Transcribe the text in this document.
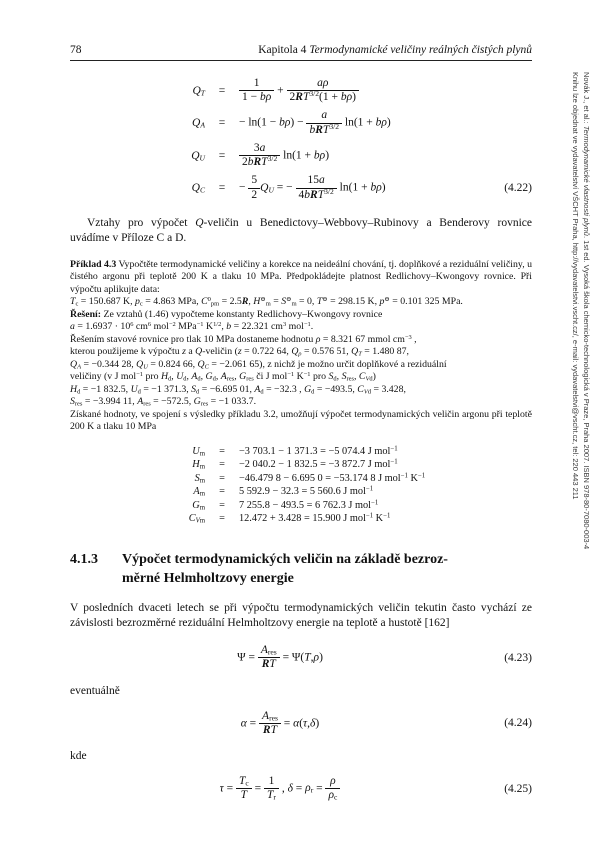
78	Kapitola 4 Termodynamické veličiny reálných čistých plynů
QT	=	$\frac{1}{1 - b\rho} + \frac{a\rho}{2RT^{3/2}(1 + b\rho)}$
QA	=	− $\ln(1 - b\rho) - \frac{a}{bRT^{3/2}} \ln(1 + b\rho)$
QU	=	$\frac{3a}{2bRT^{3/2}} \ln(1 + b\rho)$
QC	=	− $\frac{5}{2}$ QU = − $\frac{15a}{4bRT^{3/2}} \ln(1 + b\rho)$	(4.22)
Vztahy pro výpočet Q-veličin u Benedictovy–Webbovy–Rubinovy a Benderovy rovnice uvádíme v Příloze C a D.
Příklad 4.3 Vypočtěte termodynamické veličiny a korekce na neideální chování, tj. doplňkové a reziduální veličiny, u čistého argonu při teplotě 200 K a tlaku 10 MPa. Předpokládejte platnost Redlichovy–Kwongovy rovnice. Při výpočtu aplikujte data:
Tc = 150.687 K, pc = 4.863 MPa, $C^0pm = 2.5R$, H⊖m = S⊖m = 0, T⊖ = 298.15 K, p⊖ = 0.101 325 MPa.
Řešení: Ze vztahů (1.46) vypočteme konstanty Redlichovy–Kwongovy rovnice
$a = 1.6937 \cdot 10^6$ $cm^6$ mol$^{-2}$ MPa$^{-1}$ $K^{1/2}$, b = 22.321 $cm^3$ mol$^{-1}$.
Řešením stavové rovnice pro tlak 10 MPa dostaneme hodnotu ρ = 8.321 67 mmol $cm^{-3}$ ,
kterou použijeme k výpočtu z a Q-veličin (z = 0.722 64, Qρ = 0.576 51, QT = 1.480 87,
QA = −0.344 28, QU = 0.824 66, QC = −2.061 65), z nichž je možno určit doplňkové a reziduální
veličiny (v J mol$^{-1}$ pro Hd, Ud, Ad, Gd, Ares, Gres či J mol$^{-1}$ $K^{-1}$ pro Sd, Sres, CVd)
Hd = −1 832.5, Ud = −1 371.3, Sd = −6.695 01, Ad = −32.3 , Gd = −493.5, CVd = 3.428,
Sres = −3.994 11, Ares = −572.5, Gres = −1 033.7.
Získané hodnoty, ve spojení s výsledky příkladu 3.2, umožňují výpočet termodynamických veličin argonu při teplotě 200 K a tlaku 10 MPa
Um	=	−3 703.1 − 1 371.3 = −5 074.4 J mol$^{-1}$
Hm	=	−2 040.2 − 1 832.5 = −3 872.7 J mol$^{-1}$
Sm	=	−46.479 8 − 6.695 0 = −53.174 8 J mol$^{-1}$ $K^{-1}$
Am	=	5 592.9 − 32.3 = 5 560.6 J mol$^{-1}$
Gm	=	7 255.8 − 493.5 = 6 762.3 J mol$^{-1}$
CVm	=	12.472 + 3.428 = 15.900 J mol$^{-1}$ $K^{-1}$
4.1.3	Výpočet termodynamických veličin na základě bezroz-
měrné Helmholtzovy energie
V posledních dvaceti letech se při výpočtu termodynamických veličin tekutin často vychází ze závislosti bezrozměrné reziduální Helmholtzovy energie na teplotě a hustotě [162]
$\Psi = \frac{\text{Ares}}{RT} = \Psi(T,\rho)$	(4.23)
eventuálně
$\alpha = \frac{\text{Ares}}{RT} = \alpha(\tau,\delta)$	(4.24)
kde
$\tau = \frac{Tc}{T} = \frac{1}{Tr}$ , $\delta = \rho r = \frac{\rho}{\rho c}$	(4.25)
Novák J., et al.: Termodynamické vlastnosti plynů. 1st ed. Vysoká škola chemicko-technologická v Praze, Praha 2007. ISBN 978-80-7080-003-4
Knihu lze objednat ve vydavatelství VŠCHT Praha, http://vydavatelstvi.vscht.cz/, e-mail: vydavatelstvi@vscht.cz, tel: 220 443 211
